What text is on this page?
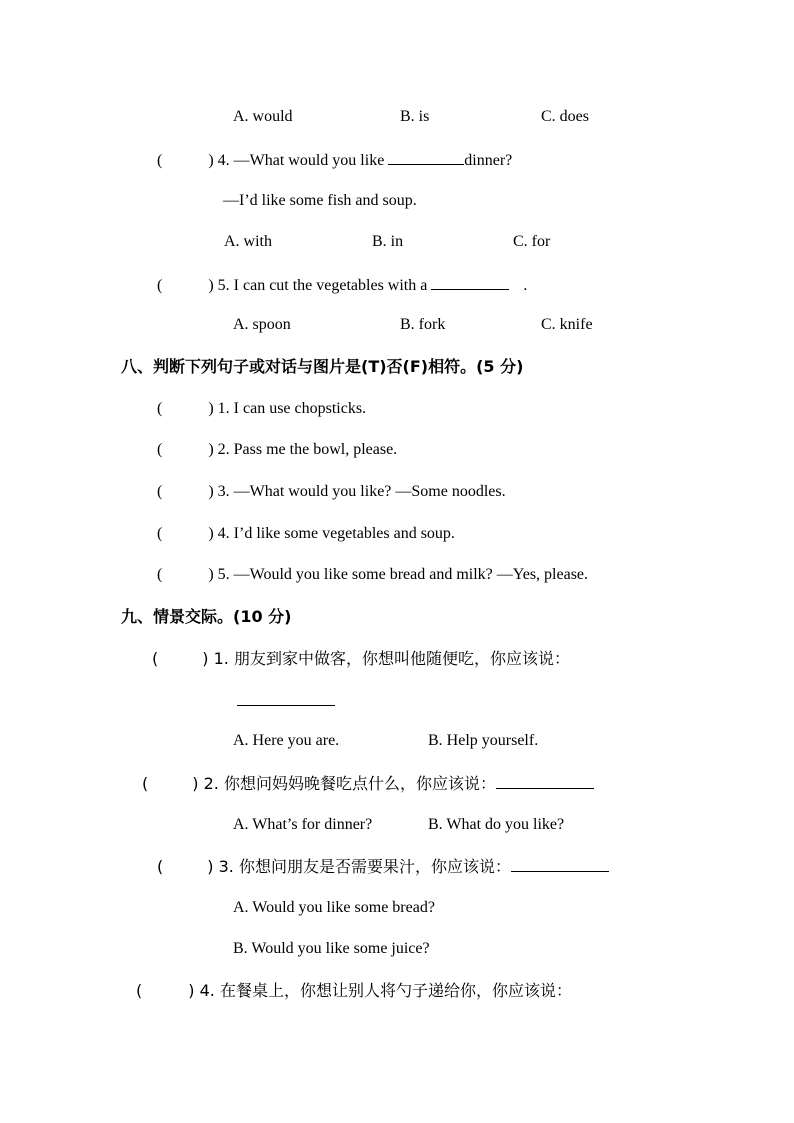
A. would	B. is	C. does
(	) 4. —What would you like	dinner?
—I’d like some fish and soup.
A. with	B. in	C. for
(	) 5. I can cut the vegetables with a	.
A. spoon	B. fork	C. knife
八、判断下列句子或对话与图片是(T)否(F)相符。(5 分)
(	) 1. I can use chopsticks.
(	) 2. Pass me the bowl, please.
(	) 3. —What would you like? —Some noodles.
(	) 4. I’d like some vegetables and soup.
(	) 5. —Would you like some bread and milk? —Yes, please.
九、情景交际。(10 分)
(	) 1. 朋友到家中做客，你想叫他随便吃，你应该说：
A. Here you are.	B. Help yourself.
(	) 2. 你想问妈妈晚餐吃点什么，你应该说：
A. What’s for dinner?	B. What do you like?
(	) 3. 你想问朋友是否需要果汁，你应该说：
A. Would you like some bread?
B. Would you like some juice?
(	) 4. 在餐桌上，你想让别人将勺子递给你，你应该说：
